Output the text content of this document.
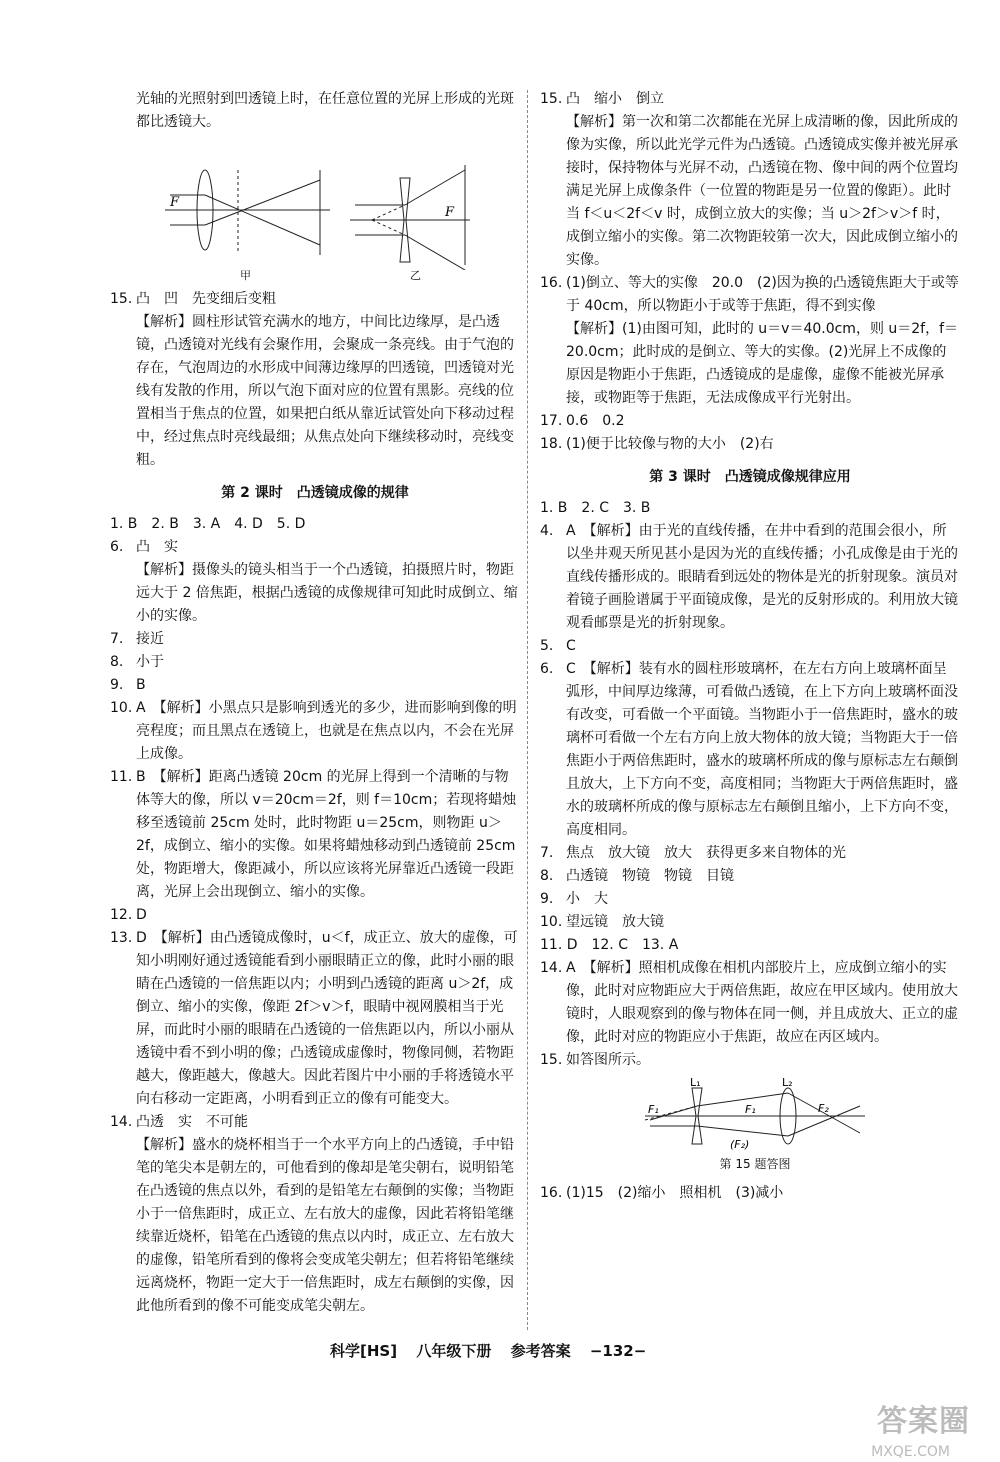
光轴的光照射到凹透镜上时，在任意位置的光屏上形成的光斑都比透镜大。

F
F
甲	乙
15. 凸　凹　先变细后变粗

【解析】圆柱形试管充满水的地方，中间比边缘厚，是凸透镜，凸透镜对光线有会聚作用，会聚成一条亮线。由于气泡的存在，气泡周边的水形成中间薄边缘厚的凹透镜，凹透镜对光线有发散的作用，所以气泡下面对应的位置有黑影。亮线的位置相当于焦点的位置，如果把白纸从靠近试管处向下移动过程中，经过焦点时亮线最细；从焦点处向下继续移动时，亮线变粗。

第 2 课时　凸透镜成像的规律

1. B　2. B　3. A　4. D　5. D

6. 凸　实

【解析】摄像头的镜头相当于一个凸透镜，拍摄照片时，物距远大于 2 倍焦距，根据凸透镜的成像规律可知此时成倒立、缩小的实像。

7. 接近
8. 小于
9. B
10. A　【解析】小黑点只是影响到透光的多少，进而影响到像的明亮程度；而且黑点在透镜上，也就是在焦点以内，不会在光屏上成像。
11. B　【解析】距离凸透镜 20cm 的光屏上得到一个清晰的与物体等大的像，所以 v＝20cm＝2f，则 f＝10cm；若现将蜡烛移至透镜前 25cm 处时，此时物距 u＝25cm，则物距 u＞2f，成倒立、缩小的实像。如果将蜡烛移动到凸透镜前 25cm 处，物距增大，像距减小，所以应该将光屏靠近凸透镜一段距离，光屏上会出现倒立、缩小的实像。
12. D
13. D　【解析】由凸透镜成像时，u＜f，成正立、放大的虚像，可知小明刚好通过透镜能看到小丽眼睛正立的像，此时小丽的眼睛在凸透镜的一倍焦距以内；小明到凸透镜的距离 u＞2f，成倒立、缩小的实像，像距 2f＞v＞f，眼睛中视网膜相当于光屏，而此时小丽的眼睛在凸透镜的一倍焦距以内，所以小丽从透镜中看不到小明的像；凸透镜成虚像时，物像同侧，若物距越大，像距越大，像越大。因此若图片中小丽的手将透镜水平向右移动一定距离，小明看到正立的像有可能变大。
14. 凸透　实　不可能

【解析】盛水的烧杯相当于一个水平方向上的凸透镜，手中铅笔的笔尖本是朝左的，可他看到的像却是笔尖朝右，说明铅笔在凸透镜的焦点以外，看到的是铅笔左右颠倒的实像；当物距小于一倍焦距时，成正立、左右放大的虚像，因此若将铅笔继续靠近烧杯，铅笔在凸透镜的焦点以内时，成正立、左右放大的虚像，铅笔所看到的像将会变成笔尖朝左；但若将铅笔继续远离烧杯，物距一定大于一倍焦距时，成左右颠倒的实像，因此他所看到的像不可能变成笔尖朝左。

15. 凸　缩小　倒立

【解析】第一次和第二次都能在光屏上成清晰的像，因此所成的像为实像，所以此光学元件为凸透镜。凸透镜成实像并被光屏承接时，保持物体与光屏不动，凸透镜在物、像中间的两个位置均满足光屏上成像条件（一位置的物距是另一位置的像距）。此时当 f＜u＜2f＜v 时，成倒立放大的实像；当 u＞2f＞v＞f 时，成倒立缩小的实像。第二次物距较第一次大，因此成倒立缩小的实像。

16. (1)倒立、等大的实像　20.0　(2)因为换的凸透镜焦距大于或等于 40cm，所以物距小于或等于焦距，得不到实像

【解析】(1)由图可知，此时的 u＝v＝40.0cm，则 u＝2f，f＝20.0cm；此时成的是倒立、等大的实像。(2)光屏上不成像的原因是物距小于焦距，凸透镜成的是虚像，虚像不能被光屏承接，或物距等于焦距，无法成像成平行光射出。

17. 0.6　0.2
18. (1)便于比较像与物的大小　(2)右
第 3 课时　凸透镜成像规律应用

1. B　2. C　3. B

4. A　【解析】由于光的直线传播，在井中看到的范围会很小，所以坐井观天所见甚小是因为光的直线传播；小孔成像是由于光的直线传播形成的。眼睛看到远处的物体是光的折射现象。演员对着镜子画脸谱属于平面镜成像，是光的反射形成的。利用放大镜观看邮票是光的折射现象。
5. C
6. C　【解析】装有水的圆柱形玻璃杯，在左右方向上玻璃杯面呈弧形，中间厚边缘薄，可看做凸透镜，在上下方向上玻璃杯面没有改变，可看做一个平面镜。当物距小于一倍焦距时，盛水的玻璃杯可看做一个左右方向上放大物体的放大镜；当物距大于一倍焦距小于两倍焦距时，盛水的玻璃杯所成的像与原标志左右颠倒且放大，上下方向不变，高度相同；当物距大于两倍焦距时，盛水的玻璃杯所成的像与原标志左右颠倒且缩小，上下方向不变，高度相同。
7. 焦点　放大镜　放大　获得更多来自物体的光
8. 凸透镜　物镜　物镜　目镜
9. 小　大
10. 望远镜　放大镜

11. D　12. C　13. A

14. A　【解析】照相机成像在相机内部胶片上，应成倒立缩小的实像，此时对应物距应大于两倍焦距，故应在甲区域内。使用放大镜时，人眼观察到的像与物体在同一侧，并且成放大、正立的虚像，此时对应的物距应小于焦距，故应在丙区域内。
15. 如答图所示。
L₁	L₂
F₁	F₁	F₂
(F₂)
第 15 题答图
16. (1)15　(2)缩小　照相机　(3)减小
科学[HS] 八年级下册 参考答案 −132−
答案圈
MXQE.COM
